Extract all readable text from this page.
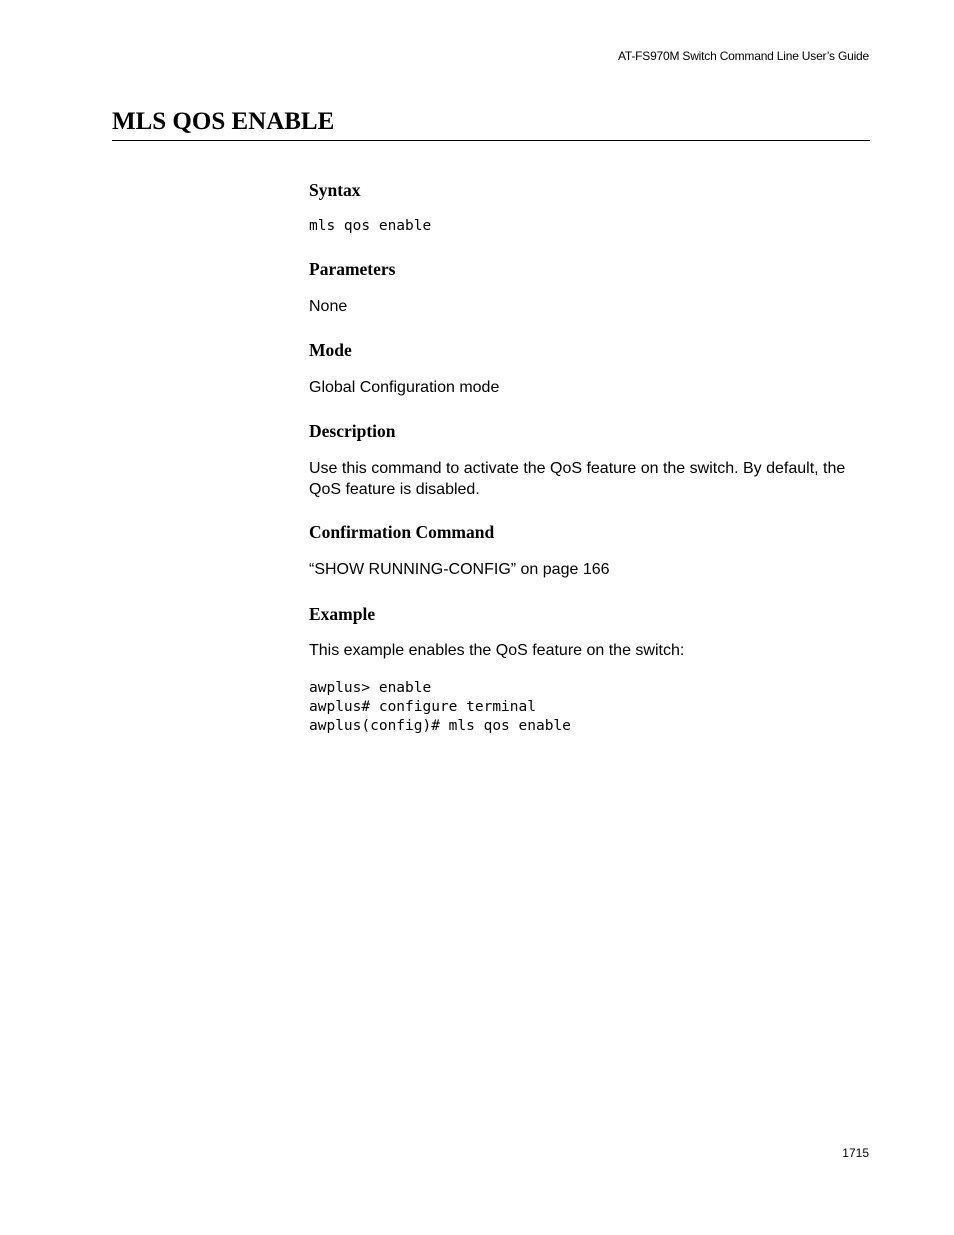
AT-FS970M Switch Command Line User’s Guide
MLS QOS ENABLE
Syntax
mls qos enable
Parameters

None

Mode

Global Configuration mode

Description

Use this command to activate the QoS feature on the switch. By default, the QoS feature is disabled.

Confirmation Command

“SHOW RUNNING-CONFIG” on page 166

Example

This example enables the QoS feature on the switch:

awplus> enable
awplus# configure terminal
awplus(config)# mls qos enable
1715
